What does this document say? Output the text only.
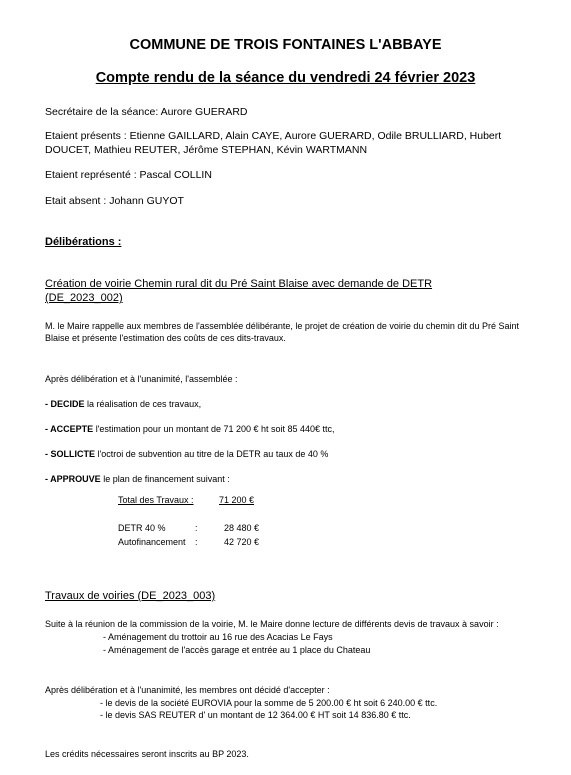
COMMUNE DE TROIS FONTAINES L'ABBAYE
Compte rendu de la séance du vendredi 24 février 2023
Secrétaire de la séance: Aurore GUERARD
Etaient présents : Etienne GAILLARD, Alain CAYE, Aurore GUERARD, Odile BRULLIARD, Hubert
DOUCET, Mathieu REUTER, Jérôme STEPHAN, Kévin WARTMANN
Etaient représenté : Pascal COLLIN
Etait absent : Johann GUYOT
Délibérations :
Création de voirie Chemin rural dit du Pré Saint Blaise avec demande de DETR
(DE_2023_002)
M. le Maire rappelle aux membres de l'assemblée délibérante, le projet de création de voirie du chemin dit du Pré Saint
Blaise et présente l'estimation des coûts de ces dits-travaux.
Après délibération et à l'unanimité, l'assemblée :
- DECIDE la réalisation de ces travaux,
- ACCEPTE l'estimation pour un montant de 71 200 € ht soit 85 440€ ttc,
- SOLLICTE l'octroi de subvention au titre de la DETR au taux de 40 %
- APPROUVE le plan de financement suivant :
Total des Travaux :	71 200 €
DETR 40 %	:	28 480 €
Autofinancement :	42 720 €
Travaux de voiries (DE_2023_003)
Suite à la réunion de la commission de la voirie, M. le Maire donne lecture de différents devis de travaux à savoir :
- Aménagement du trottoir au 16 rue des Acacias Le Fays
- Aménagement de l'accès garage et entrée au 1 place du Chateau
Après délibération et à l'unanimité, les membres ont décidé d'accepter :
- le devis de la société EUROVIA pour la somme de 5 200.00 € ht soit 6 240.00 € ttc.
- le devis SAS REUTER d' un montant de 12 364.00 € HT soit 14 836.80 € ttc.
Les crédits nécessaires seront inscrits au BP 2023.
